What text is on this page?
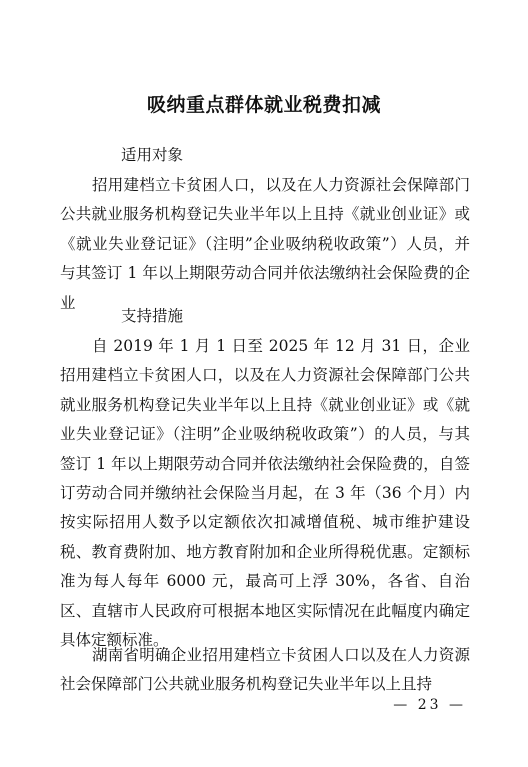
吸纳重点群体就业税费扣减
适用对象
招用建档立卡贫困人口，以及在人力资源社会保障部门公共就业服务机构登记失业半年以上且持《就业创业证》或《就业失业登记证》（注明”企业吸纳税收政策”）人员，并与其签订 1 年以上期限劳动合同并依法缴纳社会保险费的企业
支持措施
自 2019 年 1 月 1 日至 2025 年 12 月 31 日，企业招用建档立卡贫困人口，以及在人力资源社会保障部门公共就业服务机构登记失业半年以上且持《就业创业证》或《就业失业登记证》（注明”企业吸纳税收政策”）的人员，与其签订 1 年以上期限劳动合同并依法缴纳社会保险费的，自签订劳动合同并缴纳社会保险当月起，在 3 年（36 个月）内按实际招用人数予以定额依次扣减增值税、城市维护建设税、教育费附加、地方教育附加和企业所得税优惠。定额标准为每人每年 6000 元，最高可上浮 30%，各省、自治区、直辖市人民政府可根据本地区实际情况在此幅度内确定具体定额标准。
湖南省明确企业招用建档立卡贫困人口以及在人力资源社会保障部门公共就业服务机构登记失业半年以上且持
— 23 —
